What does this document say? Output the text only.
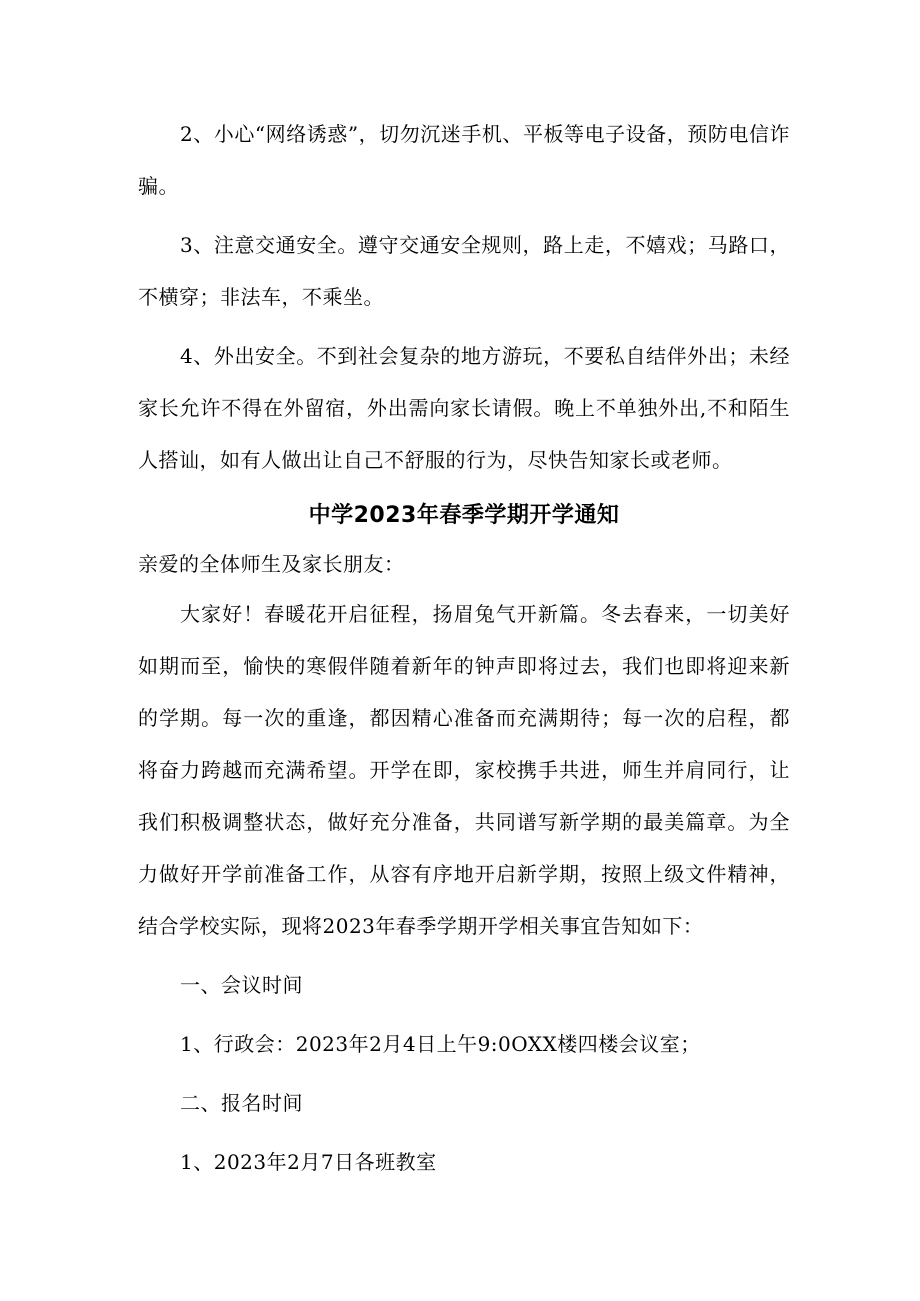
2、小心“网络诱惑”，切勿沉迷手机、平板等电子设备，预防电信诈骗。

3、注意交通安全。遵守交通安全规则，路上走，不嬉戏；马路口，不横穿；非法车，不乘坐。

4、外出安全。不到社会复杂的地方游玩，不要私自结伴外出；未经家长允许不得在外留宿，外出需向家长请假。晚上不单独外出,不和陌生人搭讪，如有人做出让自己不舒服的行为，尽快告知家长或老师。

中学2023年春季学期开学通知

亲爱的全体师生及家长朋友：

大家好！春暖花开启征程，扬眉兔气开新篇。冬去春来，一切美好如期而至，愉快的寒假伴随着新年的钟声即将过去，我们也即将迎来新的学期。每一次的重逢，都因精心准备而充满期待；每一次的启程，都将奋力跨越而充满希望。开学在即，家校携手共进，师生并肩同行，让我们积极调整状态，做好充分准备，共同谱写新学期的最美篇章。为全力做好开学前准备工作，从容有序地开启新学期，按照上级文件精神，结合学校实际，现将2023年春季学期开学相关事宜告知如下：

一、会议时间

1、行政会：2023年2月4日上午9:0OXX楼四楼会议室；

二、报名时间

1、2023年2月7日各班教室
